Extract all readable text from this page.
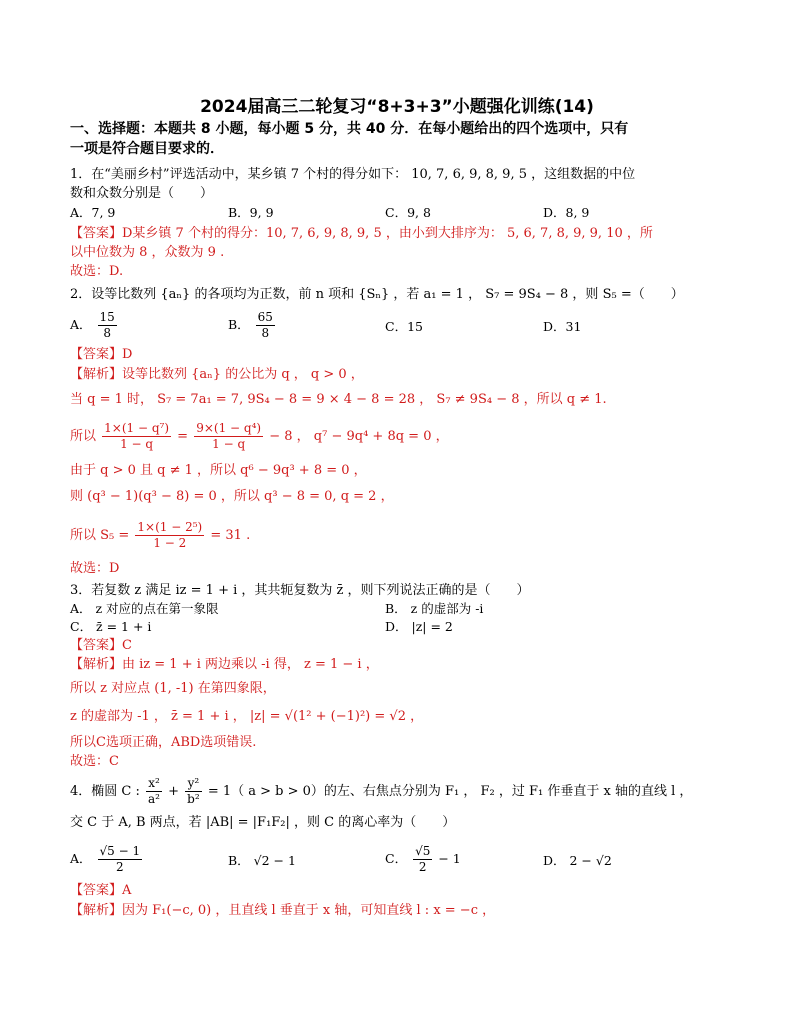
2024届高三二轮复习“8+3+3”小题强化训练(14)
一、选择题：本题共 8 小题，每小题 5 分，共 40 分．在每小题给出的四个选项中，只有
一项是符合题目要求的．
1．在“美丽乡村”评选活动中，某乡镇 7 个村的得分如下： 10, 7, 6, 9, 8, 9, 5 ，这组数据的中位
数和众数分别是（　　）
A．7, 9	B．9, 9	C．9, 8	D．8, 9
【答案】D某乡镇 7 个村的得分：10, 7, 6, 9, 8, 9, 5 ，由小到大排序为： 5, 6, 7, 8, 9, 9, 10 ，所
以中位数为 8 ，众数为 9 .
故选：D.
2．设等比数列 {aₙ} 的各项均为正数，前 n 项和 {Sₙ} ，若 a₁ = 1 ， S₇ = 9S₄ − 8 ，则 S₅ =（　　）
A． $\frac{15}{8}$	B． $\frac{65}{8}$	C．15	D．31
【答案】D
【解析】设等比数列 {aₙ} 的公比为 q ， q > 0 ，
当 q = 1 时， S₇ = 7a₁ = 7, 9S₄ − 8 = 9 × 4 − 8 = 28 ， S₇ ≠ 9S₄ − 8 ，所以 q ≠ 1.
所以 $\frac{\text{1×(1 − q⁷)}}{1 - q} = \frac{\text{9×(1 − q⁴)}}{1 - q} - 8$ ， q⁷ − 9q⁴ + 8q = 0 ，
由于 q > 0 且 q ≠ 1 ，所以 q⁶ − 9q³ + 8 = 0 ，
则 (q³ − 1)(q³ − 8) = 0 ，所以 q³ − 8 = 0, q = 2 ，
所以 $S_5 = \frac{\text{1×(1 − 2⁵)}}{1 - 2} = 31$ .
故选：D
3．若复数 z 满足 iz = 1 + i ，其共轭复数为 z̄ ，则下列说法正确的是（　　）
A． z 对应的点在第一象限	B． z 的虚部为 -i
C． z̄ = 1 + i	D． |z| = 2
【答案】C
【解析】由 iz = 1 + i 两边乘以 -i 得， z = 1 − i ，
所以 z 对应点 (1, -1) 在第四象限，
z 的虚部为 -1 ， z̄ = 1 + i ， |z| = √(1² + (−1)²) = √2 ，
所以C选项正确，ABD选项错误.
故选：C
4．椭圆 C : $\frac{\text{x²}}{\text{a²}} + \frac{\text{y²}}{\text{b²}} = 1$（ a > b > 0）的左、右焦点分别为 F₁ ， F₂ ，过 F₁ 作垂直于 x 轴的直线 l ，
交 C 于 A, B 两点，若 |AB| = |F₁F₂| ，则 C 的离心率为（　　）
A． $\frac{√5 - 1}{2}$	B． √2 − 1	C． $\frac{√5}{2} - 1$	D． 2 − √2
【答案】A
【解析】因为 F₁(−c, 0) ，且直线 l 垂直于 x 轴，可知直线 l : x = −c ，
